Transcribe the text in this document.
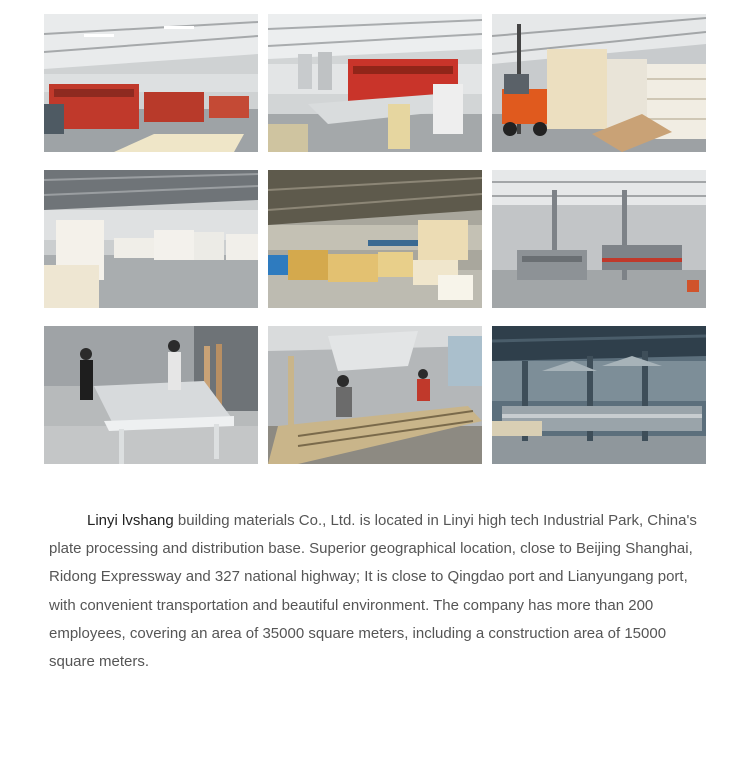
Linyi lvshang building materials Co., Ltd. is located in Linyi high tech Industrial Park, China's plate processing and distribution base. Superior geographical location, close to Beijing Shanghai, Ridong Expressway and 327 national highway; It is close to Qingdao port and Lianyungang port, with convenient transportation and beautiful environment. The company has more than 200 employees, covering an area of 35000 square meters, including a construction area of 15000 square meters.
